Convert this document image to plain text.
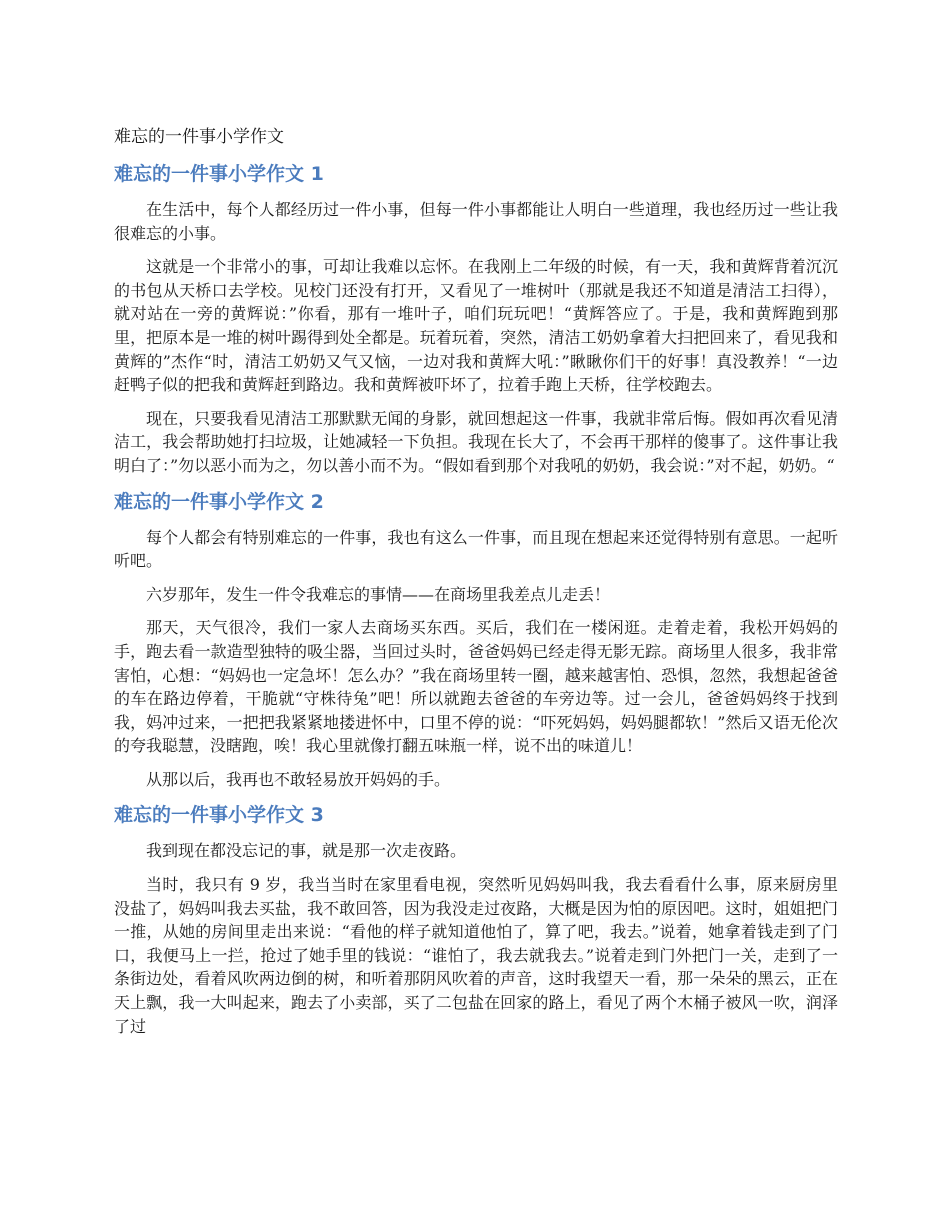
难忘的一件事小学作文
难忘的一件事小学作文 1

在生活中，每个人都经历过一件小事，但每一件小事都能让人明白一些道理，我也经历过一些让我很难忘的小事。

这就是一个非常小的事，可却让我难以忘怀。在我刚上二年级的时候，有一天，我和黄辉背着沉沉的书包从天桥口去学校。见校门还没有打开，又看见了一堆树叶（那就是我还不知道是清洁工扫得），就对站在一旁的黄辉说：”你看，那有一堆叶子，咱们玩玩吧！“黄辉答应了。于是，我和黄辉跑到那里，把原本是一堆的树叶踢得到处全都是。玩着玩着，突然，清洁工奶奶拿着大扫把回来了，看见我和黄辉的”杰作“时，清洁工奶奶又气又恼，一边对我和黄辉大吼：”瞅瞅你们干的好事！真没教养！“一边赶鸭子似的把我和黄辉赶到路边。我和黄辉被吓坏了，拉着手跑上天桥，往学校跑去。

现在，只要我看见清洁工那默默无闻的身影，就回想起这一件事，我就非常后悔。假如再次看见清洁工，我会帮助她打扫垃圾，让她减轻一下负担。我现在长大了，不会再干那样的傻事了。这件事让我明白了：”勿以恶小而为之，勿以善小而不为。“假如看到那个对我吼的奶奶，我会说：”对不起，奶奶。“

难忘的一件事小学作文 2

每个人都会有特别难忘的一件事，我也有这么一件事，而且现在想起来还觉得特别有意思。一起听听吧。

六岁那年，发生一件令我难忘的事情——在商场里我差点儿走丢！

那天，天气很冷，我们一家人去商场买东西。买后，我们在一楼闲逛。走着走着，我松开妈妈的手，跑去看一款造型独特的吸尘器，当回过头时，爸爸妈妈已经走得无影无踪。商场里人很多，我非常害怕，心想：“妈妈也一定急坏！怎么办？”我在商场里转一圈，越来越害怕、恐惧，忽然，我想起爸爸的车在路边停着，干脆就“守株待兔”吧！所以就跑去爸爸的车旁边等。过一会儿，爸爸妈妈终于找到我，妈冲过来，一把把我紧紧地搂进怀中，口里不停的说：“吓死妈妈，妈妈腿都软！”然后又语无伦次的夸我聪慧，没瞎跑，唉！我心里就像打翻五味瓶一样，说不出的味道儿！

从那以后，我再也不敢轻易放开妈妈的手。

难忘的一件事小学作文 3

我到现在都没忘记的事，就是那一次走夜路。

当时，我只有 9 岁，我当当时在家里看电视，突然听见妈妈叫我，我去看看什么事，原来厨房里没盐了，妈妈叫我去买盐，我不敢回答，因为我没走过夜路，大概是因为怕的原因吧。这时，姐姐把门一推，从她的房间里走出来说：“看他的样子就知道他怕了，算了吧，我去。”说着，她拿着钱走到了门口，我便马上一拦，抢过了她手里的钱说：“谁怕了，我去就我去。”说着走到门外把门一关，走到了一条街边处，看着风吹两边倒的树，和听着那阴风吹着的声音，这时我望天一看，那一朵朵的黑云，正在天上飘，我一大叫起来，跑去了小卖部，买了二包盐在回家的路上，看见了两个木桶子被风一吹，润泽了过
